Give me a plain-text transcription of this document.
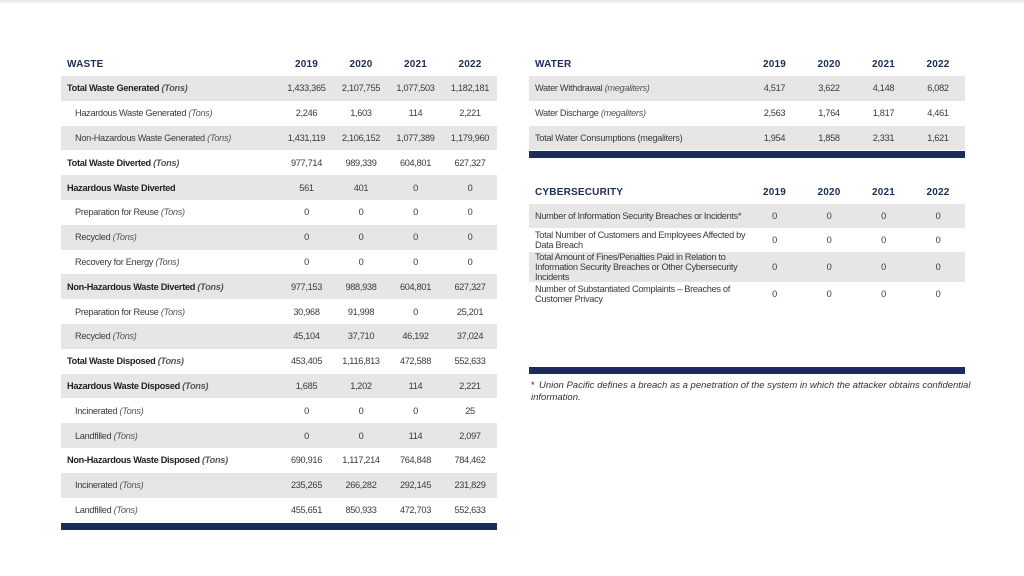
WASTE	2019	2020	2021	2022
Total Waste Generated (Tons)	1,433,365	2,107,755	1,077,503	1,182,181
Hazardous Waste Generated (Tons)	2,246	1,603	114	2,221
Non-Hazardous Waste Generated (Tons)	1,431,119	2,106,152	1,077,389	1,179,960
Total Waste Diverted (Tons)	977,714	989,339	604,801	627,327
Hazardous Waste Diverted	561	401	0	0
Preparation for Reuse (Tons)	0	0	0	0
Recycled (Tons)	0	0	0	0
Recovery for Energy (Tons)	0	0	0	0
Non-Hazardous Waste Diverted (Tons)	977,153	988,938	604,801	627,327
Preparation for Reuse (Tons)	30,968	91,998	0	25,201
Recycled (Tons)	45,104	37,710	46,192	37,024
Total Waste Disposed (Tons)	453,405	1,116,813	472,588	552,633
Hazardous Waste Disposed (Tons)	1,685	1,202	114	2,221
Incinerated (Tons)	0	0	0	25
Landfilled (Tons)	0	0	114	2,097
Non-Hazardous Waste Disposed (Tons)	690,916	1,117,214	764,848	784,462
Incinerated (Tons)	235,265	266,282	292,145	231,829
Landfilled (Tons)	455,651	850,933	472,703	552,633
WATER	2019	2020	2021	2022
Water Withdrawal (megaliters)	4,517	3,622	4,148	6,082
Water Discharge (megaliters)	2,563	1,764	1,817	4,461
Total Water Consumptions (megaliters)	1,954	1,858	2,331	1,621
CYBERSECURITY	2019	2020	2021	2022
Number of Information Security Breaches or Incidents*	0	0	0	0
Total Number of Customers and Employees Affected by Data Breach	0	0	0	0
Total Amount of Fines/Penalties Paid in Relation to Information Security Breaches or Other Cybersecurity Incidents	0	0	0	0
Number of Substantiated Complaints – Breaches of Customer Privacy	0	0	0	0
* Union Pacific defines a breach as a penetration of the system in which the attacker obtains confidential information.
